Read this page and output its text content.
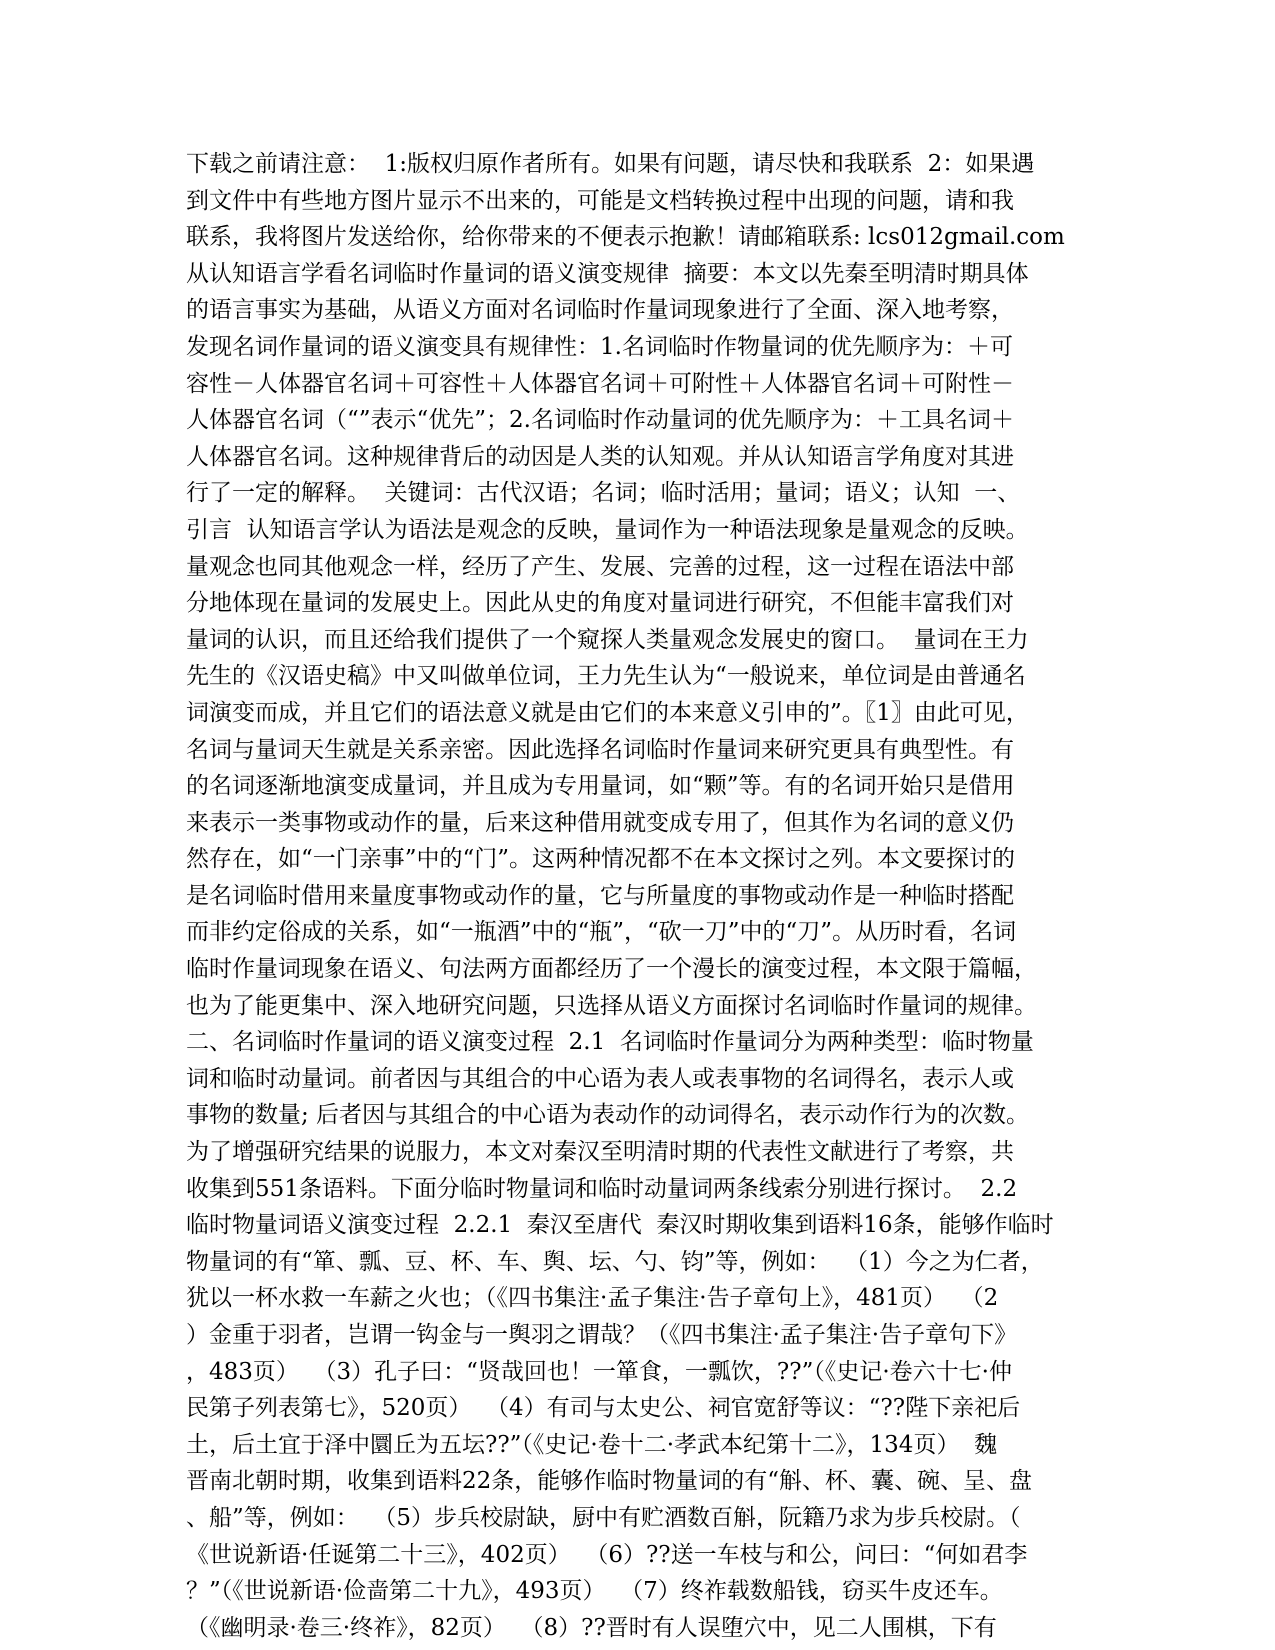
下载之前请注意：  1:版权归原作者所有。如果有问题，请尽快和我联系  2：如果遇
到文件中有些地方图片显示不出来的，可能是文档转换过程中出现的问题，请和我
联系，我将图片发送给你，给你带来的不便表示抱歉！请邮箱联系: lcs012gmail.com
从认知语言学看名词临时作量词的语义演变规律  摘要：本文以先秦至明清时期具体
的语言事实为基础，从语义方面对名词临时作量词现象进行了全面、深入地考察，
发现名词作量词的语义演变具有规律性：1.名词临时作物量词的优先顺序为：＋可
容性－人体器官名词＋可容性＋人体器官名词＋可附性＋人体器官名词＋可附性－
人体器官名词（“”表示“优先”；2.名词临时作动量词的优先顺序为：＋工具名词＋
人体器官名词。这种规律背后的动因是人类的认知观。并从认知语言学角度对其进
行了一定的解释。  关键词：古代汉语；名词；临时活用；量词；语义；认知  一、
引言  认知语言学认为语法是观念的反映，量词作为一种语法现象是量观念的反映。
量观念也同其他观念一样，经历了产生、发展、完善的过程，这一过程在语法中部
分地体现在量词的发展史上。因此从史的角度对量词进行研究，不但能丰富我们对
量词的认识，而且还给我们提供了一个窥探人类量观念发展史的窗口。  量词在王力
先生的《汉语史稿》中又叫做单位词，王力先生认为“一般说来，单位词是由普通名
词演变而成，并且它们的语法意义就是由它们的本来意义引申的”。〖1〗由此可见，
名词与量词天生就是关系亲密。因此选择名词临时作量词来研究更具有典型性。有
的名词逐渐地演变成量词，并且成为专用量词，如“颗”等。有的名词开始只是借用
来表示一类事物或动作的量，后来这种借用就变成专用了，但其作为名词的意义仍
然存在，如“一门亲事”中的“门”。这两种情况都不在本文探讨之列。本文要探讨的
是名词临时借用来量度事物或动作的量，它与所量度的事物或动作是一种临时搭配
而非约定俗成的关系，如“一瓶酒”中的“瓶”，“砍一刀”中的“刀”。从历时看，名词
临时作量词现象在语义、句法两方面都经历了一个漫长的演变过程，本文限于篇幅，
也为了能更集中、深入地研究问题，只选择从语义方面探讨名词临时作量词的规律。
二、名词临时作量词的语义演变过程  2.1  名词临时作量词分为两种类型：临时物量
词和临时动量词。前者因与其组合的中心语为表人或表事物的名词得名，表示人或
事物的数量; 后者因与其组合的中心语为表动作的动词得名，表示动作行为的次数。
为了增强研究结果的说服力，本文对秦汉至明清时期的代表性文献进行了考察，共
收集到551条语料。下面分临时物量词和临时动量词两条线索分别进行探讨。  2.2
临时物量词语义演变过程  2.2.1  秦汉至唐代  秦汉时期收集到语料16条，能够作临时
物量词的有“箪、瓢、豆、杯、车、舆、坛、勺、钧”等，例如：  （1）今之为仁者，
犹以一杯水救一车薪之火也；（《四书集注·孟子集注·告子章句上》，481页）  （2
）金重于羽者，岂谓一钩金与一舆羽之谓哉？（《四书集注·孟子集注·告子章句下》
，483页）  （3）孔子曰：“贤哉回也！一箪食，一瓢饮，??”（《史记·卷六十七·仲
民第子列表第七》，520页）  （4）有司与太史公、祠官宽舒等议：“??陛下亲祀后
土，后土宜于泽中圜丘为五坛??”（《史记·卷十二·孝武本纪第十二》，134页）  魏
晋南北朝时期，收集到语料22条，能够作临时物量词的有“斛、杯、囊、碗、呈、盘
、船”等，例如：  （5）步兵校尉缺，厨中有贮酒数百斛，阮籍乃求为步兵校尉。（
《世说新语·任诞第二十三》，402页）  （6）??送一车枝与和公，问曰：“何如君李
？”（《世说新语·俭啬第二十九》，493页）  （7）终祚载数船钱，窃买牛皮还车。
（《幽明录·卷三·终祚》，82页）  （8）??晋时有人误堕穴中，见二人围棋，下有
